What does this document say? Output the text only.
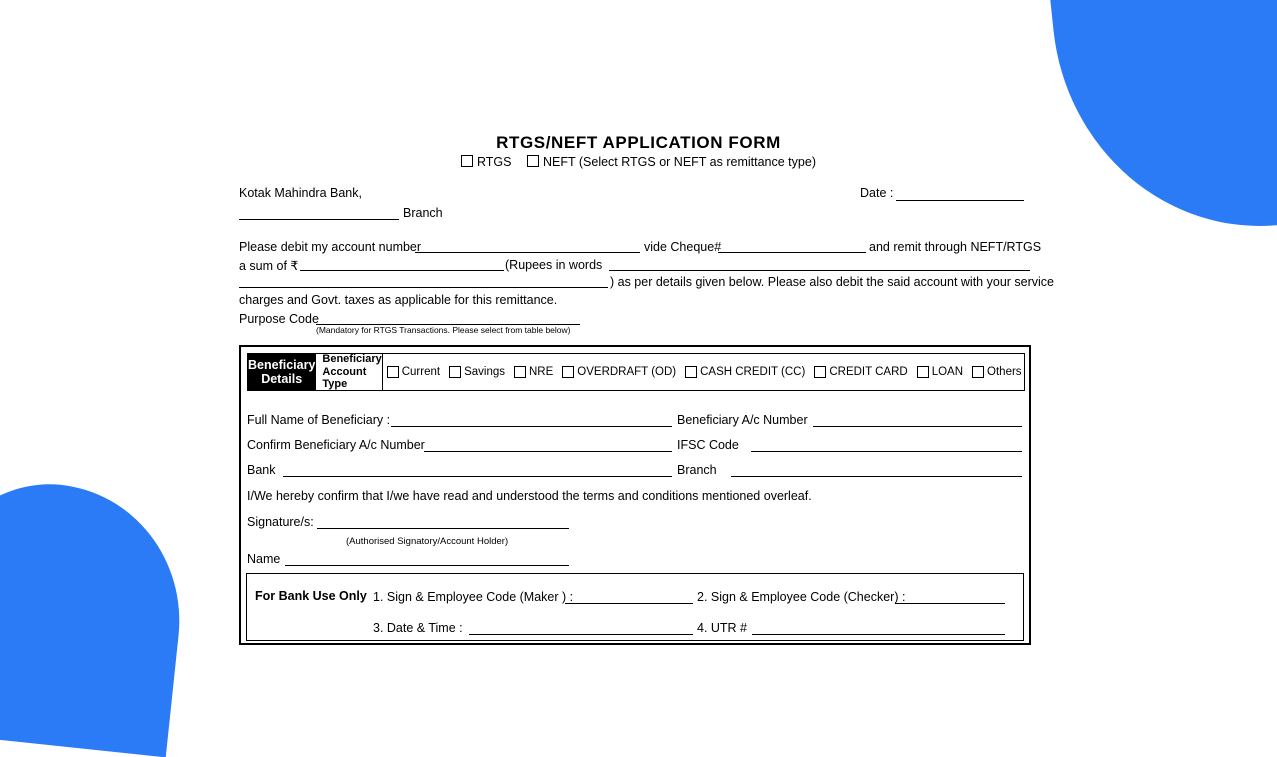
RTGS/NEFT APPLICATION FORM
RTGS	NEFT (Select RTGS or NEFT as remittance type)
Kotak Mahindra Bank,	Date :
Branch
Please debit my account number	vide Cheque#	and remit through NEFT/RTGS
a sum of ₹	(Rupees in words
) as per details given below. Please also debit the said account with your service
charges and Govt. taxes as applicable for this remittance.
Purpose Code
(Mandatory for RTGS Transactions. Please select from table below)
Beneficiary
Details
Beneficiary
Account Type
Current Savings NRE OVERDRAFT (OD) CASH CREDIT (CC) CREDIT CARD LOAN Others
Full Name of Beneficiary :	Beneficiary A/c Number
Confirm Beneficiary A/c Number	IFSC Code
Bank	Branch
I/We hereby confirm that I/we have read and understood the terms and conditions mentioned overleaf.
Signature/s:
(Authorised Signatory/Account Holder)
Name
For Bank Use Only 1. Sign & Employee Code (Maker ) :	2. Sign & Employee Code (Checker) :
3. Date & Time :	4. UTR #
